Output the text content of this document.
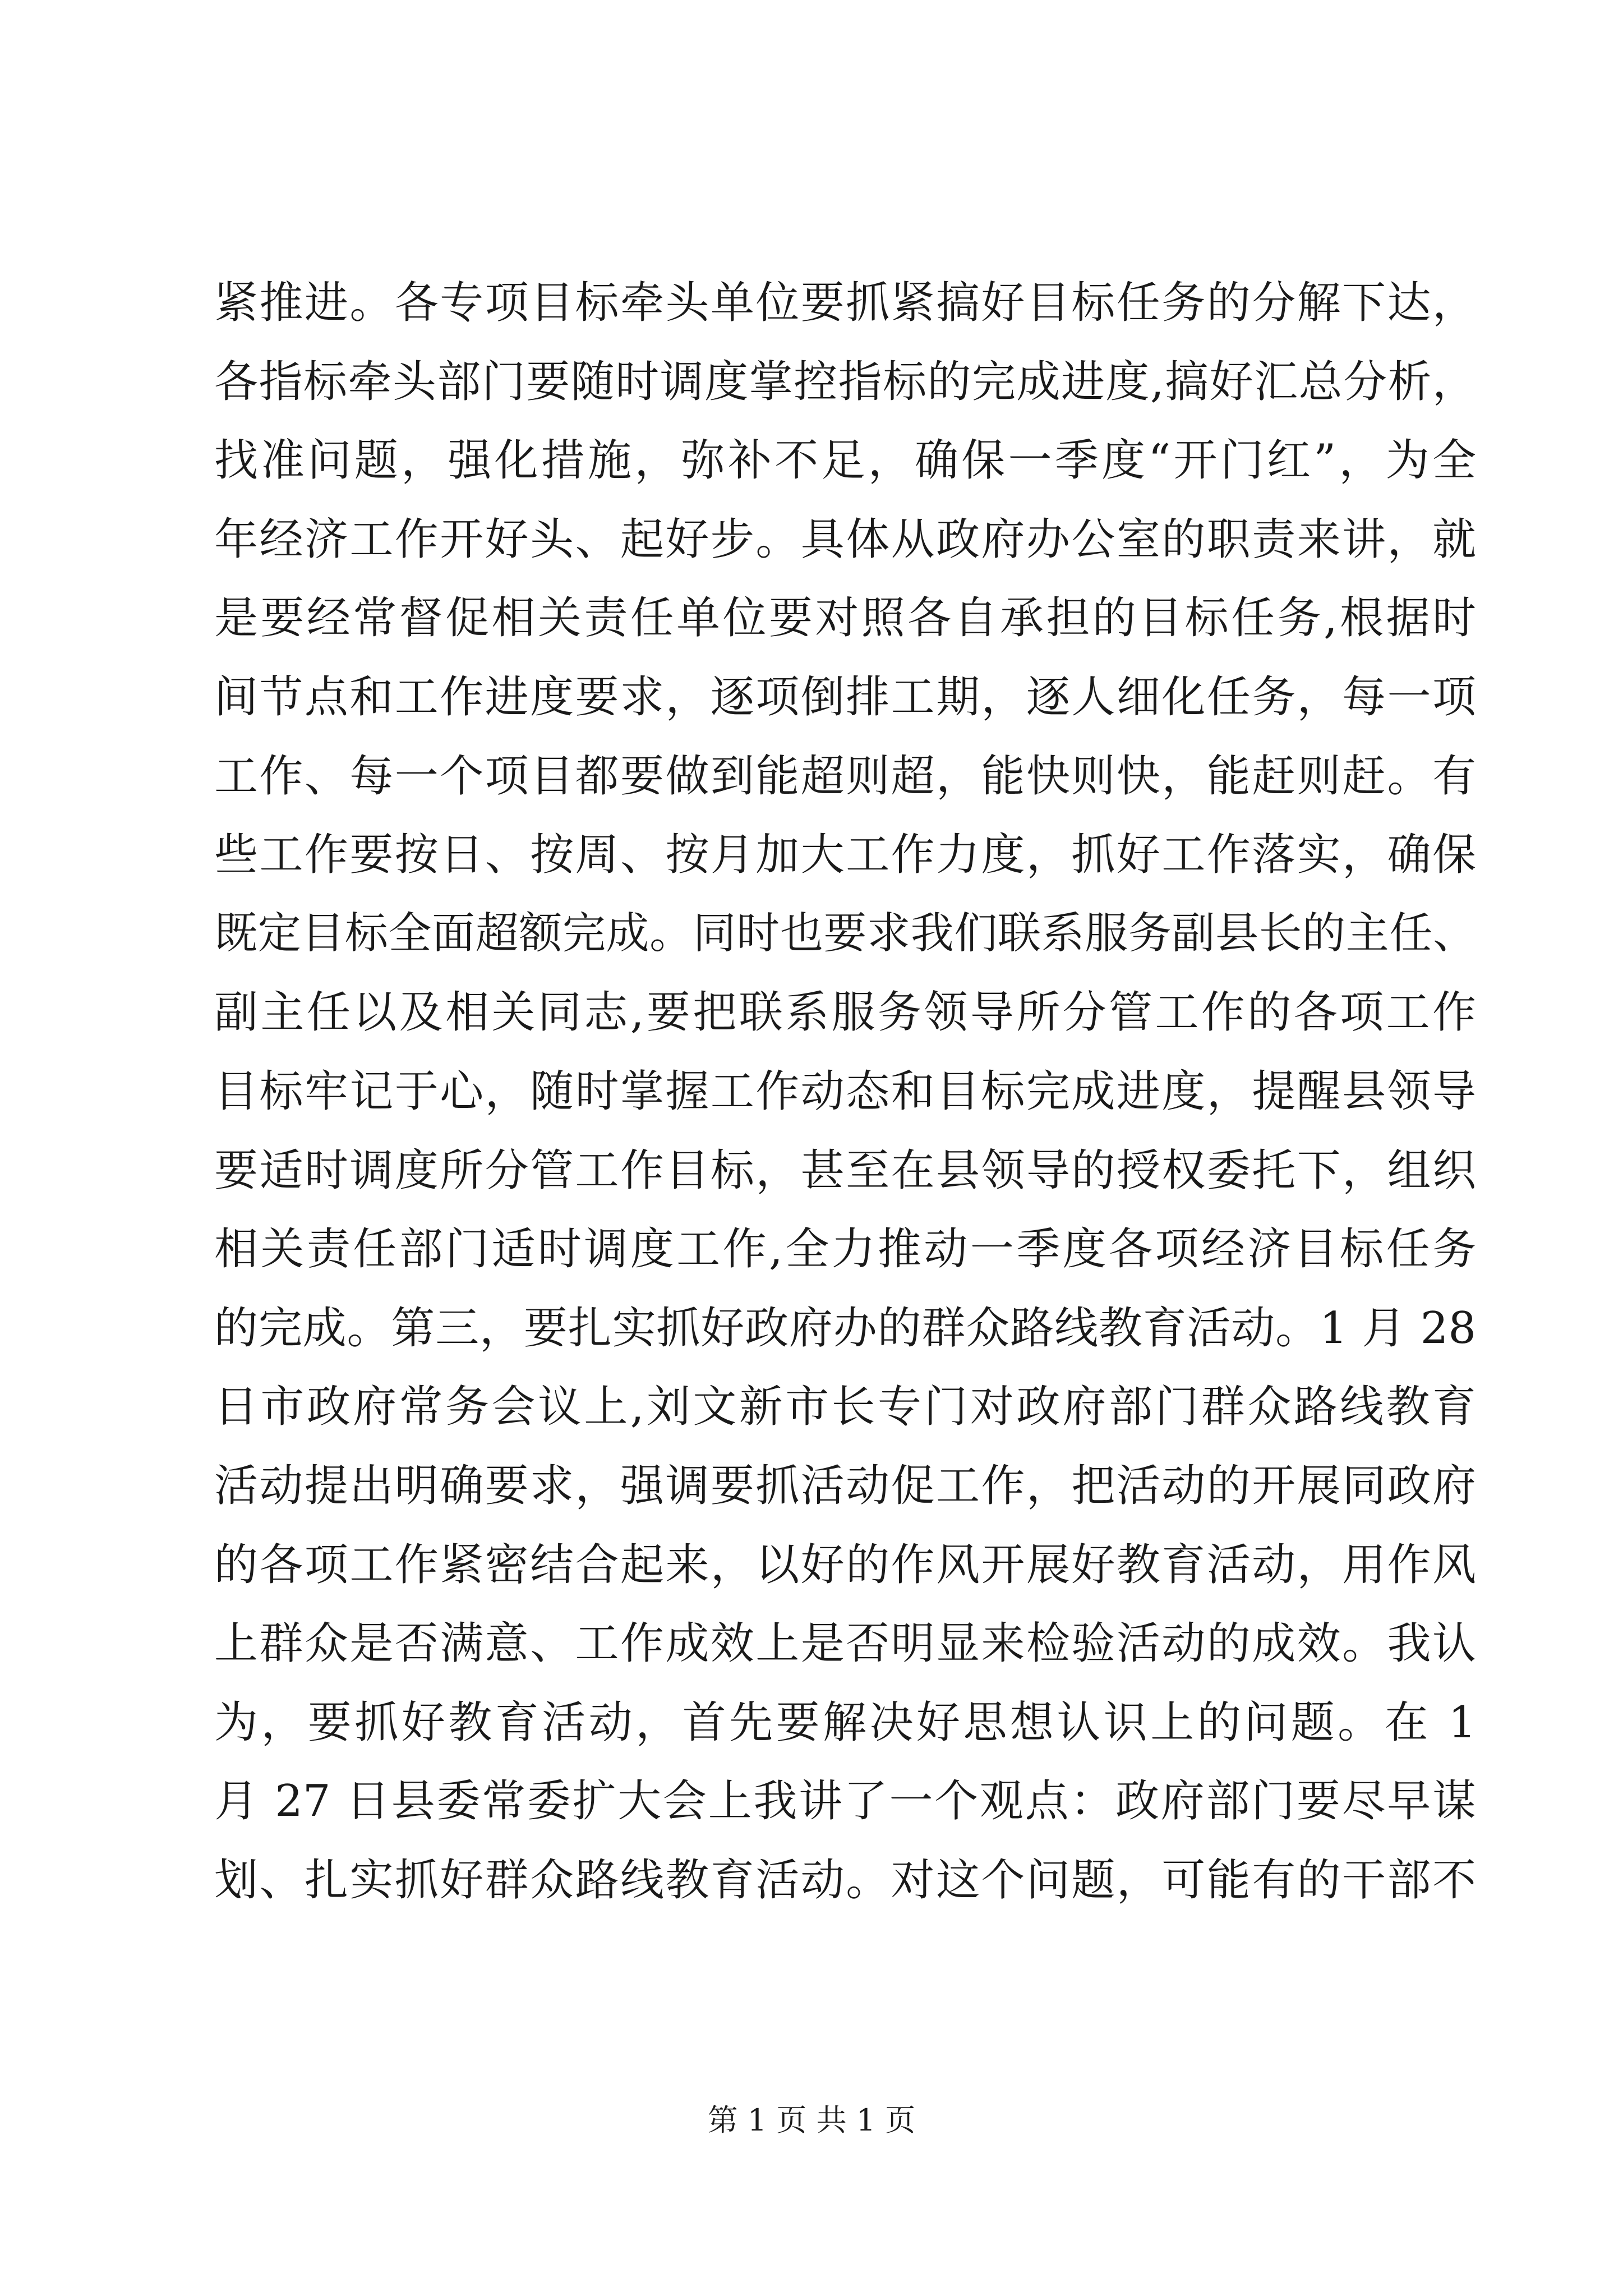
紧推进。各专项目标牵头单位要抓紧搞好目标任务的分解下达，
各指标牵头部门要随时调度掌控指标的完成进度,搞好汇总分析，
找准问题，强化措施，弥补不足，确保一季度“开门红”，为全
年经济工作开好头、起好步。具体从政府办公室的职责来讲，就
是要经常督促相关责任单位要对照各自承担的目标任务,根据时
间节点和工作进度要求，逐项倒排工期，逐人细化任务，每一项
工作、每一个项目都要做到能超则超，能快则快，能赶则赶。有
些工作要按日、按周、按月加大工作力度，抓好工作落实，确保
既定目标全面超额完成。同时也要求我们联系服务副县长的主任、
副主任以及相关同志,要把联系服务领导所分管工作的各项工作
目标牢记于心，随时掌握工作动态和目标完成进度，提醒县领导
要适时调度所分管工作目标，甚至在县领导的授权委托下，组织
相关责任部门适时调度工作,全力推动一季度各项经济目标任务
的完成。第三，要扎实抓好政府办的群众路线教育活动。1 月 28
日市政府常务会议上,刘文新市长专门对政府部门群众路线教育
活动提出明确要求，强调要抓活动促工作，把活动的开展同政府
的各项工作紧密结合起来，以好的作风开展好教育活动，用作风
上群众是否满意、工作成效上是否明显来检验活动的成效。我认
为，要抓好教育活动，首先要解决好思想认识上的问题。在 1
月 27 日县委常委扩大会上我讲了一个观点：政府部门要尽早谋
划、扎实抓好群众路线教育活动。对这个问题，可能有的干部不
第 1 页 共 1 页
